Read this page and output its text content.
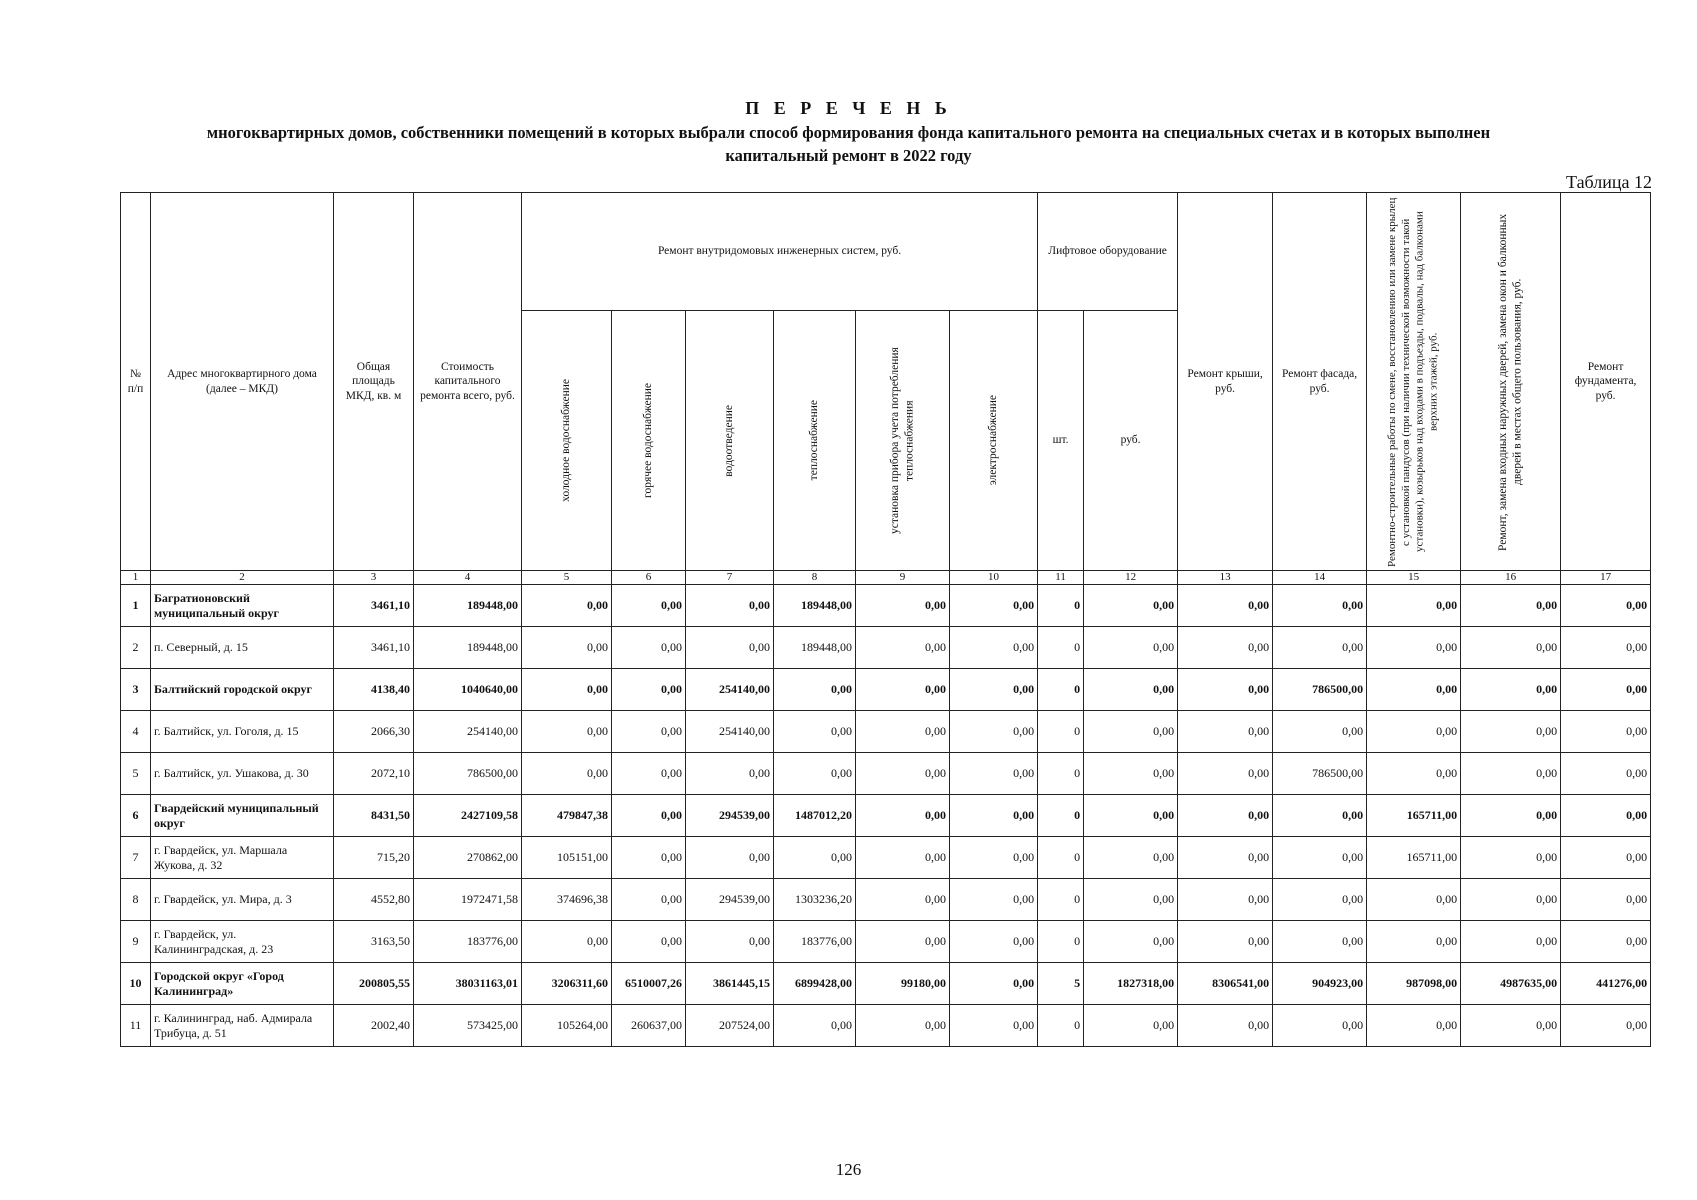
П Е Р Е Ч Е Н Ь
многоквартирных домов, собственники помещений в которых выбрали способ формирования фонда капитального ремонта на специальных счетах и в которых выполнен
капитальный ремонт в 2022 году
Таблица 12
№ п/п	Адрес многоквартирного дома (далее – МКД)	Общая площадь МКД, кв. м	Стоимость капитального ремонта всего, руб.	Ремонт внутридомовых инженерных систем, руб.						Лифтовое оборудование		Ремонт крыши, руб.	Ремонт фасада, руб.	Ремонтно-строительные работы по смене, восстановлению или замене крылец с установкой пандусов (при наличии технической возможности такой установки), козырьков над входами в подъезды, подвалы, над балконами верхних этажей, руб.	Ремонт, замена входных наружных дверей, замена окон и балконных дверей в местах общего пользования, руб.	Ремонт фундамента, руб.

				холодное водоснабжение	горячее водоснабжение	водоотведение	теплоснабжение	установка прибора учета потребления теплоснабжения	электроснабжение	шт.	руб.					
1	2	3	4	5	6	7	8	9	10	11	12	13	14	15	16	17
1	Багратионовский муниципальный округ	3461,10	189448,00	0,00	0,00	0,00	189448,00	0,00	0,00	0	0,00	0,00	0,00	0,00	0,00	0,00
2	п. Северный, д. 15	3461,10	189448,00	0,00	0,00	0,00	189448,00	0,00	0,00	0	0,00	0,00	0,00	0,00	0,00	0,00
3	Балтийский городской округ	4138,40	1040640,00	0,00	0,00	254140,00	0,00	0,00	0,00	0	0,00	0,00	786500,00	0,00	0,00	0,00
4	г. Балтийск, ул. Гоголя, д. 15	2066,30	254140,00	0,00	0,00	254140,00	0,00	0,00	0,00	0	0,00	0,00	0,00	0,00	0,00	0,00
5	г. Балтийск, ул. Ушакова, д. 30	2072,10	786500,00	0,00	0,00	0,00	0,00	0,00	0,00	0	0,00	0,00	786500,00	0,00	0,00	0,00
6	Гвардейский муниципальный округ	8431,50	2427109,58	479847,38	0,00	294539,00	1487012,20	0,00	0,00	0	0,00	0,00	0,00	165711,00	0,00	0,00
7	г. Гвардейск, ул. Маршала Жукова, д. 32	715,20	270862,00	105151,00	0,00	0,00	0,00	0,00	0,00	0	0,00	0,00	0,00	165711,00	0,00	0,00
8	г. Гвардейск, ул. Мира, д. 3	4552,80	1972471,58	374696,38	0,00	294539,00	1303236,20	0,00	0,00	0	0,00	0,00	0,00	0,00	0,00	0,00
9	г. Гвардейск, ул. Калининградская, д. 23	3163,50	183776,00	0,00	0,00	0,00	183776,00	0,00	0,00	0	0,00	0,00	0,00	0,00	0,00	0,00
10	Городской округ «Город Калининград»	200805,55	38031163,01	3206311,60	6510007,26	3861445,15	6899428,00	99180,00	0,00	5	1827318,00	8306541,00	904923,00	987098,00	4987635,00	441276,00
11	г. Калининград, наб. Адмирала Трибуца, д. 51	2002,40	573425,00	105264,00	260637,00	207524,00	0,00	0,00	0,00	0	0,00	0,00	0,00	0,00	0,00	0,00
126
